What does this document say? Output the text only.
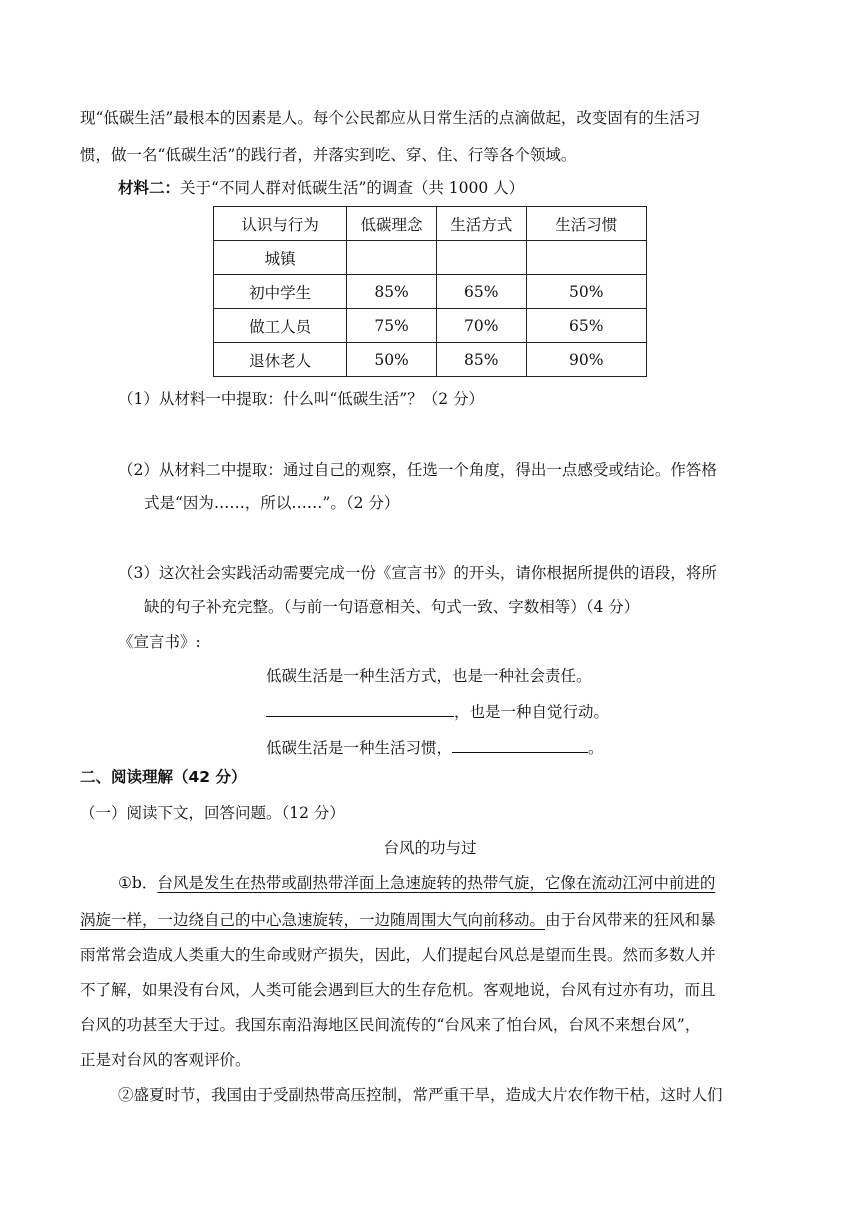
现“低碳生活”最根本的因素是人。每个公民都应从日常生活的点滴做起，改变固有的生活习
惯，做一名“低碳生活”的践行者，并落实到吃、穿、住、行等各个领域。
材料二：关于“不同人群对低碳生活”的调查（共 1000 人）
认识与行为	低碳理念	生活方式	生活习惯
城镇			
初中学生	85%	65%	50%
做工人员	75%	70%	65%
退休老人	50%	85%	90%
（1）从材料一中提取：什么叫“低碳生活”？（2 分）
（2）从材料二中提取：通过自己的观察，任选一个角度，得出一点感受或结论。作答格
式是“因为……，所以……”。（2 分）
（3）这次社会实践活动需要完成一份《宣言书》的开头，请你根据所提供的语段，将所
缺的句子补充完整。（与前一句语意相关、句式一致、字数相等）（4 分）
《宣言书》:
低碳生活是一种生活方式，也是一种社会责任。
，也是一种自觉行动。
低碳生活是一种生活习惯，	。
二、阅读理解（42 分）
（一）阅读下文，回答问题。（12 分）
台风的功与过
①b．台风是发生在热带或副热带洋面上急速旋转的热带气旋，它像在流动江河中前进的
涡旋一样，一边绕自己的中心急速旋转，一边随周围大气向前移动。由于台风带来的狂风和暴
雨常常会造成人类重大的生命或财产损失，因此，人们提起台风总是望而生畏。然而多数人并
不了解，如果没有台风，人类可能会遇到巨大的生存危机。客观地说，台风有过亦有功，而且
台风的功甚至大于过。我国东南沿海地区民间流传的“台风来了怕台风，台风不来想台风”，
正是对台风的客观评价。
②盛夏时节，我国由于受副热带高压控制，常严重干旱，造成大片农作物干枯，这时人们
